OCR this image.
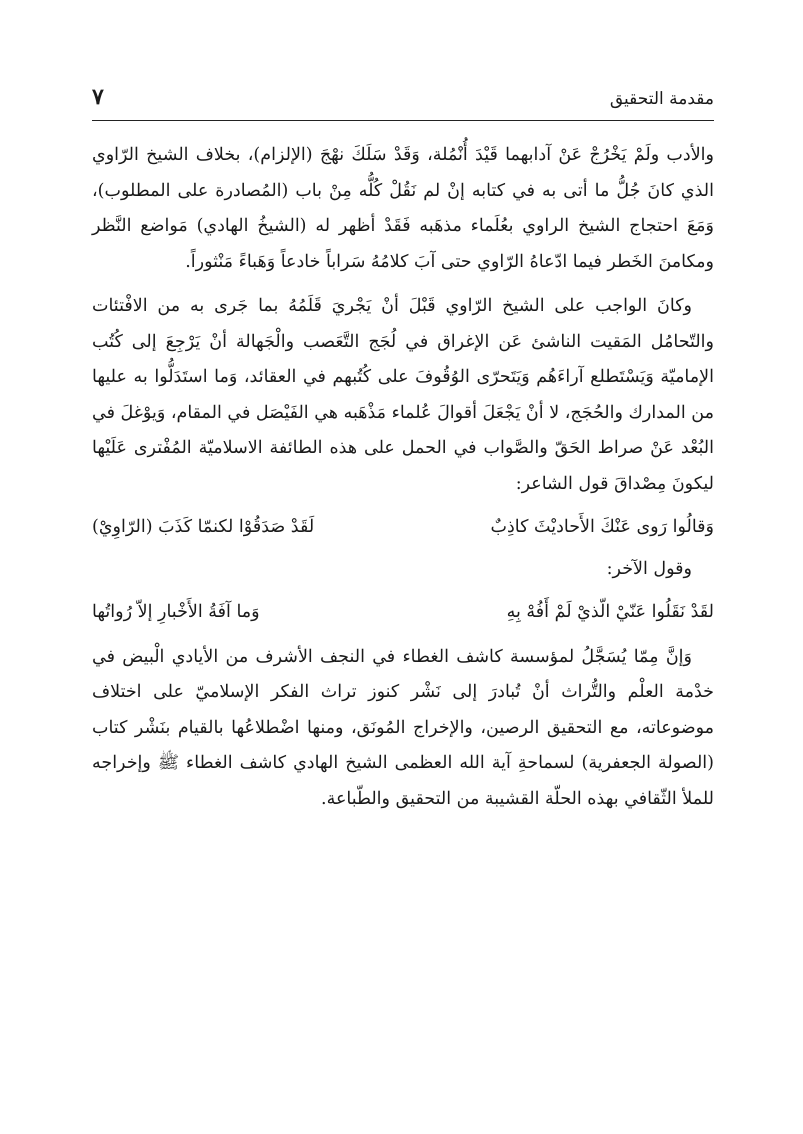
مقدمة التحقيق
٧

والأدب ولَمْ يَخْرُجْ عَنْ آدابهما قَيْدَ أُنْمُلة، وَقَدْ سَلَكَ نهْجَ (الإلزام)، بخلاف الشيخ الرّاوي الذي كانَ جُلُّ ما أتى به في كتابه إنْ لم نَقُلْ كُلُّه مِنْ باب (المُصادرة على المطلوب)، وَمَعَ احتجاج الشيخ الراوي بعُلَماء مذهَبه فَقَدْ أظهر له (الشيخُ الهادي) مَواضع النَّظر ومكامنَ الخَطر فيما ادّعاهُ الرّاوي حتى آبَ كلامُهُ سَراباً خادعاً وَهَباءً مَنْثوراً.

وكانَ الواجب على الشيخ الرّاوي قَبْلَ أنْ يَجْريَ قَلَمُهُ بما جَرى به من الافْتئات والتّحامُل المَقيت الناشئ عَن الإغراق في لُجَج التَّعَصب والْجَهالة أنْ يَرْجِعَ إلى كُتُب الإماميّة وَيَسْتَطلع آراءَهُم وَيَتَحرّى الوُقُوفَ على كُتُبهم في العقائد، وَما استَدَلُّوا به عليها من المدارك والحُجَج، لا أنْ يَجْعَلَ أقوالَ عُلماء مَذْهَبه هي الفَيْصَل في المقام، وَيوْغلَ في البُعْد عَنْ صراط الحَقّ والصَّواب في الحمل على هذه الطائفة الاسلاميّة المُفْترى عَلَيْها ليكونَ مِصْداقَ قول الشاعر:

وَقالُوا رَوى عَنْكَ الأَحاديْثَ كاذِبٌ
لَقَدْ صَدَقُوْا لكنمّا كَذَبَ (الرّاوِيْ)

وقول الآخر:

لقَدْ نَقَلُوا عَنّيْ الّذيْ لَمْ أَفُهْ بِهِ
وَما آفَةُ الأَخْبارِ إلاّ رُواتُها

وَإنَّ مِمّا يُسَجَّلُ لمؤسسة كاشف الغطاء في النجف الأشرف من الأيادي الْبيض في خدْمة العلْم والتُّراث أنْ تُبادرَ إلى نَشْر كنوز تراث الفكر الإسلاميّ على اختلاف موضوعاته، مع التحقيق الرصين، والإخراج المُونَق، ومنها اضْطلاعُها بالقيام بنَشْر كتاب (الصولة الجعفرية) لسماحةِ آية الله العظمى الشيخ الهادي كاشف الغطاء ﷺ وإخراجه للملأ الثّقافي بهذه الحلّة القشيبة من التحقيق والطّباعة.
